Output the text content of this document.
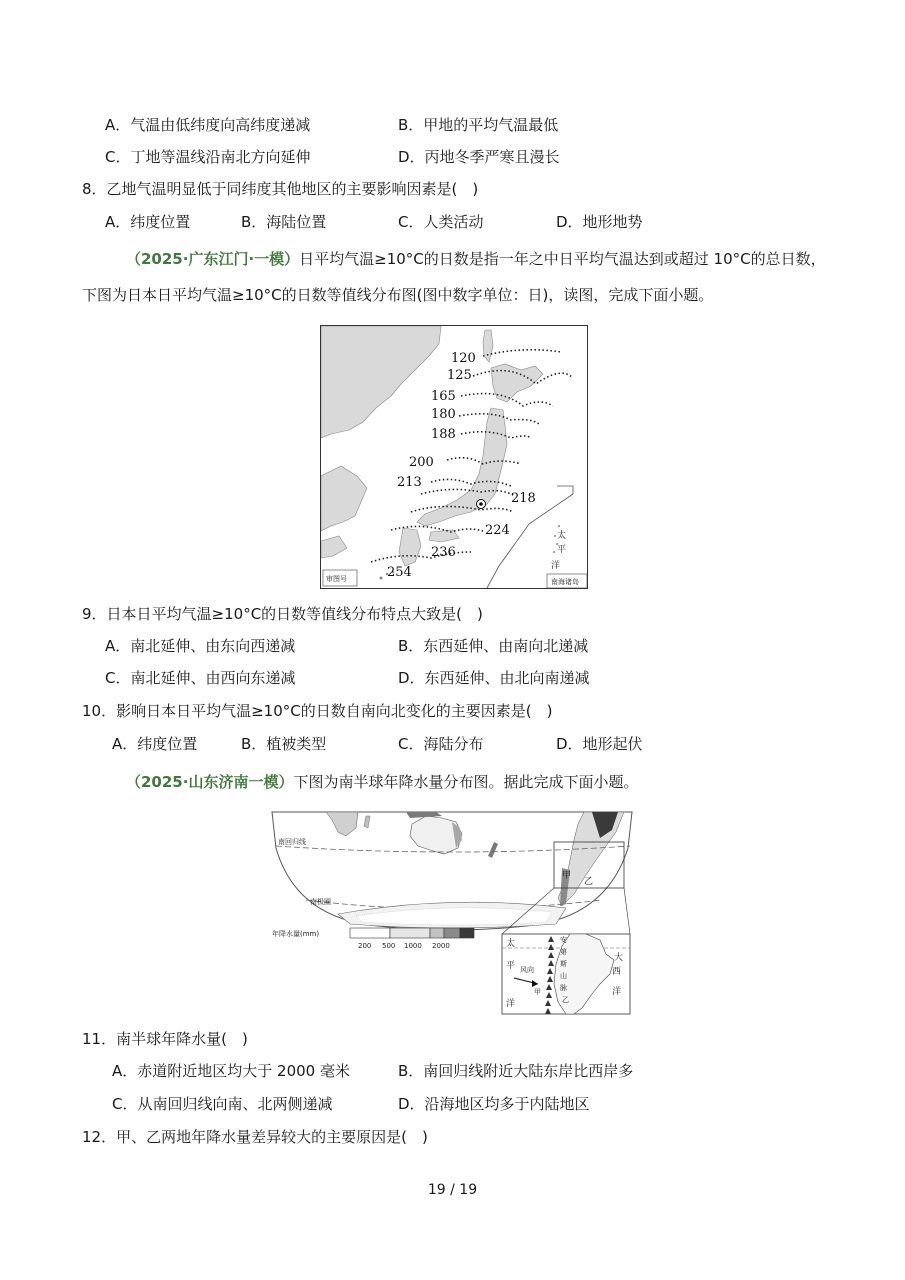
A．气温由低纬度向高纬度递减	B．甲地的平均气温最低
C．丁地等温线沿南北方向延伸	D．丙地冬季严寒且漫长
8．乙地气温明显低于同纬度其他地区的主要影响因素是(　)
A．纬度位置	B．海陆位置	C．人类活动	D．地形地势
（2025·广东江门·一模）日平均气温≥10°C的日数是指一年之中日平均气温达到或超过 10°C的总日数，下图为日本日平均气温≥10°C的日数等值线分布图(图中数字单位：日)，读图，完成下面小题。
120
125
165
180
188
200
213
218
224
236
254
太
平
洋
南海诸岛
审图号
9．日本日平均气温≥10°C的日数等值线分布特点大致是(　)
A．南北延伸、由东向西递减	B．东西延伸、由南向北递减
C．南北延伸、由西向东递减	D．东西延伸、由北向南递减
10．影响日本日平均气温≥10°C的日数自南向北变化的主要因素是(　)
A．纬度位置	B．植被类型	C．海陆分布	D．地形起伏
（2025·山东济南一模）下图为南半球年降水量分布图。据此完成下面小题。
南回归线
南极圈
甲
乙
年降水量(mm)
200 500 1000 2000	太
平
洋
大
西
洋
安
第
斯
山
脉
风向
甲
乙
11．南半球年降水量(　)
A．赤道附近地区均大于 2000 毫米	B．南回归线附近大陆东岸比西岸多
C．从南回归线向南、北两侧递减	D．沿海地区均多于内陆地区
12．甲、乙两地年降水量差异较大的主要原因是(　)
19 / 19
